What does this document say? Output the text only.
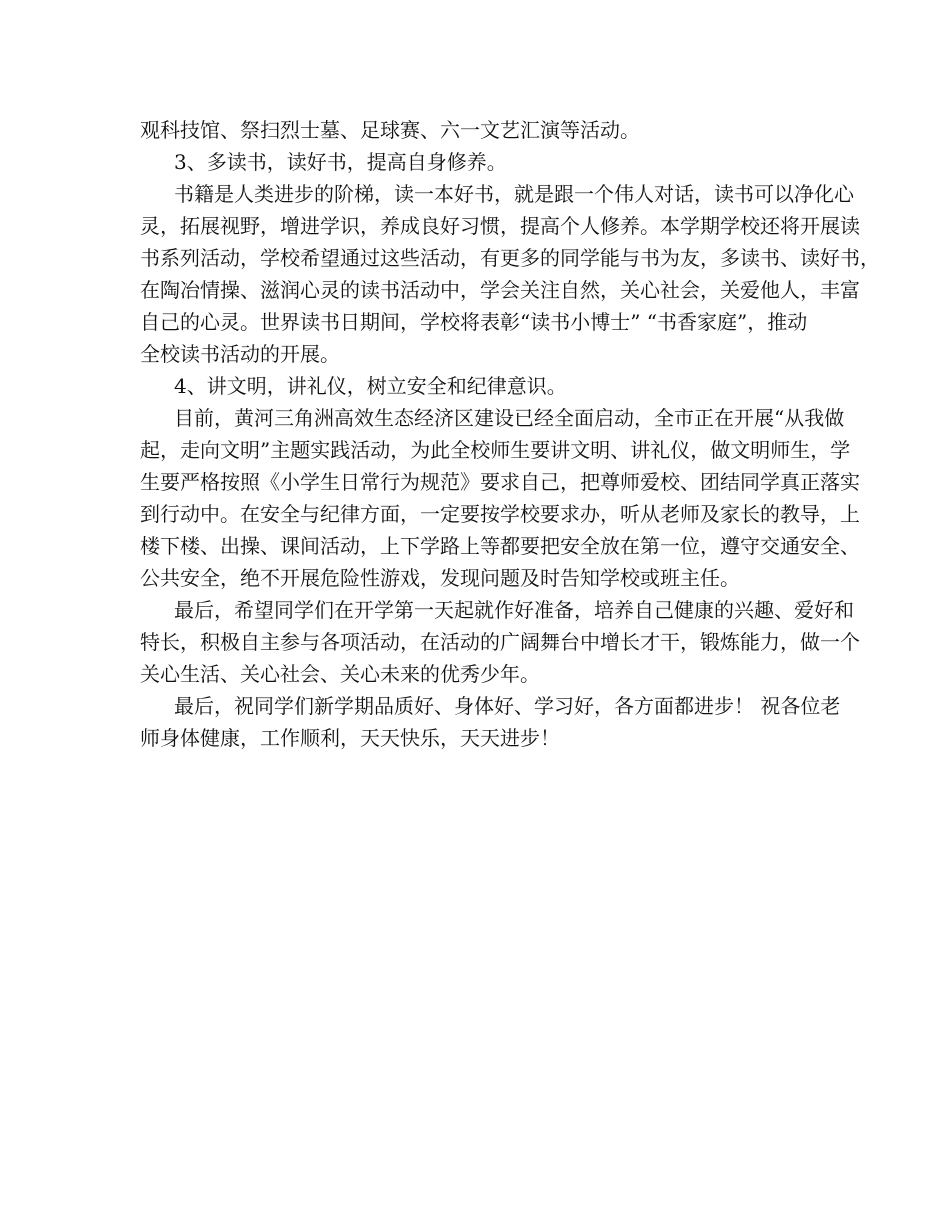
观科技馆、祭扫烈士墓、足球赛、六一文艺汇演等活动。

3、多读书，读好书，提高自身修养。

书籍是人类进步的阶梯，读一本好书，就是跟一个伟人对话，读书可以净化心

灵，拓展视野，增进学识，养成良好习惯，提高个人修养。本学期学校还将开展读

书系列活动，学校希望通过这些活动，有更多的同学能与书为友，多读书、读好书，

在陶冶情操、滋润心灵的读书活动中，学会关注自然，关心社会，关爱他人，丰富

自己的心灵。世界读书日期间，学校将表彰“读书小博士” “书香家庭”，推动

全校读书活动的开展。

4、讲文明，讲礼仪，树立安全和纪律意识。

目前，黄河三角洲高效生态经济区建设已经全面启动，全市正在开展“从我做

起，走向文明”主题实践活动，为此全校师生要讲文明、讲礼仪，做文明师生，学

生要严格按照《小学生日常行为规范》要求自己，把尊师爱校、团结同学真正落实

到行动中。在安全与纪律方面，一定要按学校要求办，听从老师及家长的教导，上

楼下楼、出操、课间活动，上下学路上等都要把安全放在第一位，遵守交通安全、

公共安全，绝不开展危险性游戏，发现问题及时告知学校或班主任。

最后，希望同学们在开学第一天起就作好准备，培养自己健康的兴趣、爱好和

特长，积极自主参与各项活动，在活动的广阔舞台中增长才干，锻炼能力，做一个

关心生活、关心社会、关心未来的优秀少年。

最后，祝同学们新学期品质好、身体好、学习好，各方面都进步！ 祝各位老

师身体健康，工作顺利，天天快乐，天天进步！
